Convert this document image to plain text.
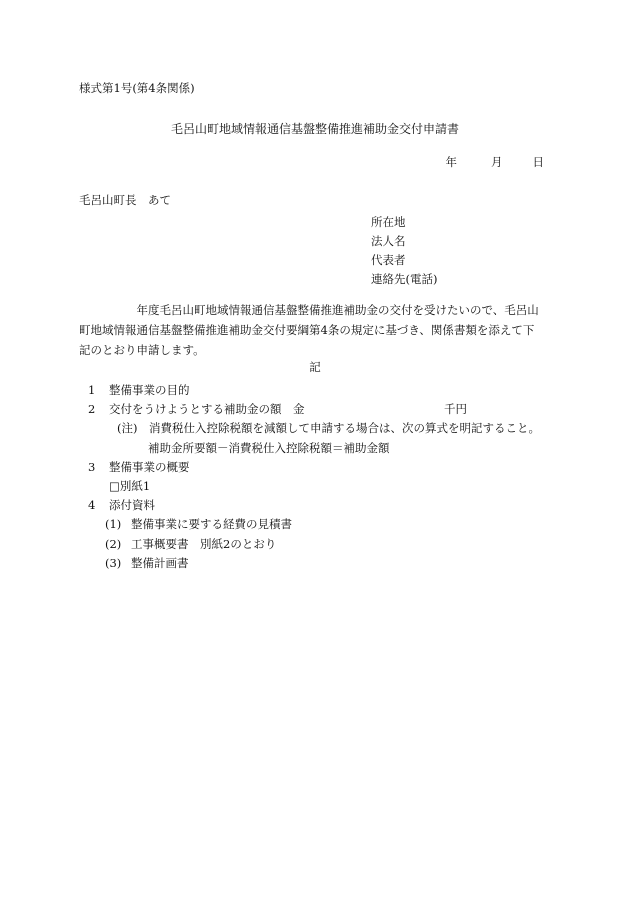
様式第1号(第4条関係)
毛呂山町地域情報通信基盤整備推進補助金交付申請書
年	月	日
毛呂山町長　あて
所在地
法人名
代表者
連絡先(電話)
　　　　　年度毛呂山町地域情報通信基盤整備推進補助金の交付を受けたいので、毛呂山
町地域情報通信基盤整備推進補助金交付要綱第4条の規定に基づき、関係書類を添えて下
記のとおり申請します。
記
1 整備事業の目的
2 交付をうけようとする補助金の額　金	千円
(注)　消費税仕入控除税額を減額して申請する場合は、次の算式を明記すること。
補助金所要額－消費税仕入控除税額＝補助金額
3 整備事業の概要
□別紙1
4 添付資料
(1) 整備事業に要する経費の見積書
(2) 工事概要書　別紙2のとおり
(3) 整備計画書
